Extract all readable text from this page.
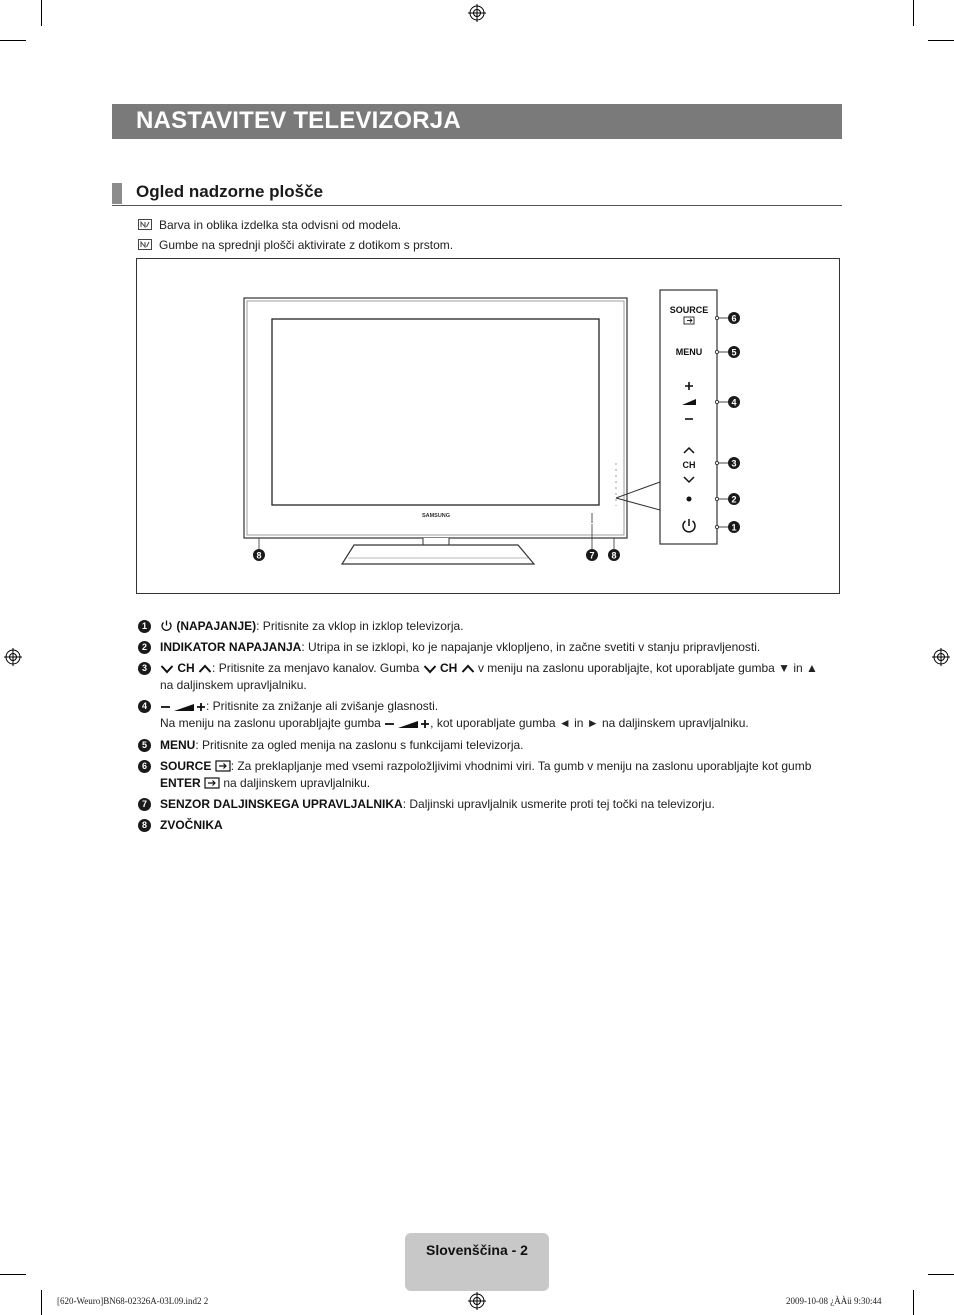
NASTAVITEV TELEVIZORJA
Ogled nadzorne plošče
Barva in oblika izdelka sta odvisni od modela.
Gumbe na sprednji plošči aktivirate z dotikom s prstom.
SAMSUNG
SOURCE
MENU
CH
6
5
4
3
2
1
8	7 8
1	(NAPAJANJE): Pritisnite za vklop in izklop televizorja.
2	INDIKATOR NAPAJANJA: Utripa in se izklopi, ko je napajanje vklopljeno, in začne svetiti v stanju pripravljenosti.
3	CH : Pritisnite za menjavo kanalov. Gumba CH v meniju na zaslonu uporabljajte, kot uporabljate gumba ▼ in ▲
na daljinskem upravljalniku.
4	: Pritisnite za znižanje ali zvišanje glasnosti.
Na meniju na zaslonu uporabljajte gumba	, kot uporabljate gumba ◄ in ► na daljinskem upravljalniku.
5	MENU: Pritisnite za ogled menija na zaslonu s funkcijami televizorja.
6	SOURCE : Za preklapljanje med vsemi razpoložljivimi vhodnimi viri. Ta gumb v meniju na zaslonu uporabljajte kot gumb
ENTER na daljinskem upravljalniku.
7	SENZOR DALJINSKEGA UPRAVLJALNIKA: Daljinski upravljalnik usmerite proti tej točki na televizorju.
8	ZVOČNIKA
Slovenščina - 2
[620-Weuro]BN68-02326A-03L09.ind2 2	2009-10-08 ¿ÀÀü 9:30:44
